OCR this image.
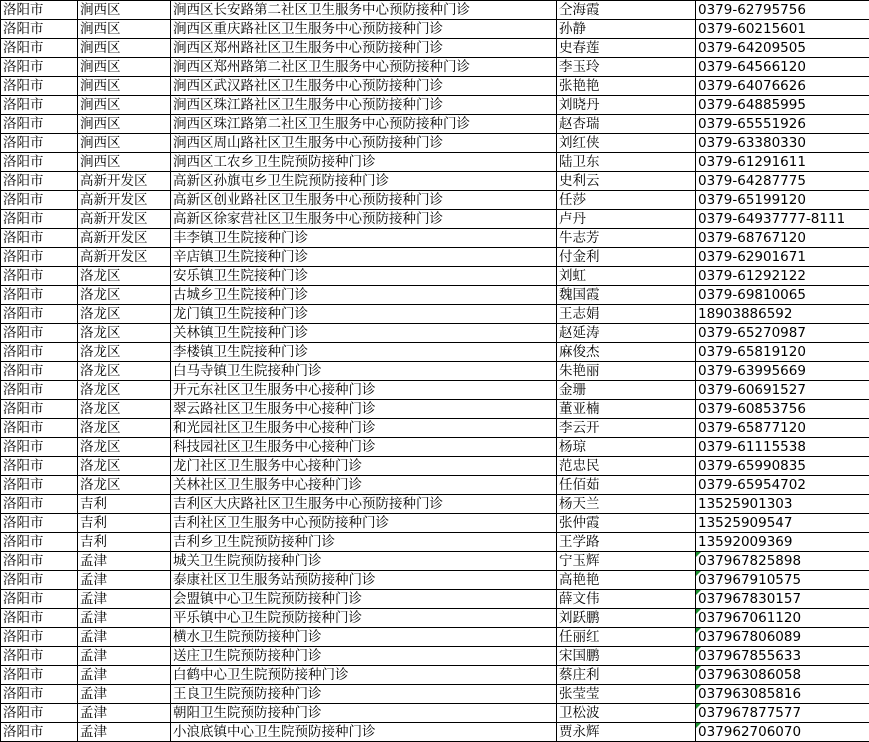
洛阳市	涧西区	涧西区长安路第二社区卫生服务中心预防接种门诊	仝海霞	0379-62795756
洛阳市	涧西区	涧西区重庆路社区卫生服务中心预防接种门诊	孙静	0379-60215601
洛阳市	涧西区	涧西区郑州路社区卫生服务中心预防接种门诊	史春莲	0379-64209505
洛阳市	涧西区	涧西区郑州路第二社区卫生服务中心预防接种门诊	李玉玲	0379-64566120
洛阳市	涧西区	涧西区武汉路社区卫生服务中心预防接种门诊	张艳艳	0379-64076626
洛阳市	涧西区	涧西区珠江路社区卫生服务中心预防接种门诊	刘晓丹	0379-64885995
洛阳市	涧西区	涧西区珠江路第二社区卫生服务中心预防接种门诊	赵杏瑞	0379-65551926
洛阳市	涧西区	涧西区周山路社区卫生服务中心预防接种门诊	刘红侠	0379-63380330
洛阳市	涧西区	涧西区工农乡卫生院预防接种门诊	陆卫东	0379-61291611
洛阳市	高新开发区	高新区孙旗屯乡卫生院预防接种门诊	史利云	0379-64287775
洛阳市	高新开发区	高新区创业路社区卫生服务中心预防接种门诊	任莎	0379-65199120
洛阳市	高新开发区	高新区徐家营社区卫生服务中心预防接种门诊	卢丹	0379-64937777-8111
洛阳市	高新开发区	丰李镇卫生院接种门诊	牛志芳	0379-68767120
洛阳市	高新开发区	辛店镇卫生院接种门诊	付金利	0379-62901671
洛阳市	洛龙区	安乐镇卫生院接种门诊	刘虹	0379-61292122
洛阳市	洛龙区	古城乡卫生院接种门诊	魏国霞	0379-69810065
洛阳市	洛龙区	龙门镇卫生院接种门诊	王志娟	18903886592
洛阳市	洛龙区	关林镇卫生院接种门诊	赵延涛	0379-65270987
洛阳市	洛龙区	李楼镇卫生院接种门诊	麻俊杰	0379-65819120
洛阳市	洛龙区	白马寺镇卫生院接种门诊	朱艳丽	0379-63995669
洛阳市	洛龙区	开元东社区卫生服务中心接种门诊	金珊	0379-60691527
洛阳市	洛龙区	翠云路社区卫生服务中心接种门诊	董亚楠	0379-60853756
洛阳市	洛龙区	和光园社区卫生服务中心接种门诊	李云开	0379-65877120
洛阳市	洛龙区	科技园社区卫生服务中心接种门诊	杨琼	0379-61115538
洛阳市	洛龙区	龙门社区卫生服务中心接种门诊	范忠民	0379-65990835
洛阳市	洛龙区	关林社区卫生服务中心接种门诊	任佰茹	0379-65954702
洛阳市	吉利	吉利区大庆路社区卫生服务中心预防接种门诊	杨天兰	13525901303
洛阳市	吉利	吉利社区卫生服务中心预防接种门诊	张仲霞	13525909547
洛阳市	吉利	吉利乡卫生院预防接种门诊	王学路	13592009369
洛阳市	孟津	城关卫生院预防接种门诊	宁玉辉	037967825898
洛阳市	孟津	泰康社区卫生服务站预防接种门诊	高艳艳	037967910575
洛阳市	孟津	会盟镇中心卫生院预防接种门诊	薛文伟	037967830157
洛阳市	孟津	平乐镇中心卫生院预防接种门诊	刘跃鹏	037967061120
洛阳市	孟津	横水卫生院预防接种门诊	任丽红	037967806089
洛阳市	孟津	送庄卫生院预防接种门诊	宋国鹏	037967855633
洛阳市	孟津	白鹤中心卫生院预防接种门诊	蔡庄利	037963086058
洛阳市	孟津	王良卫生院预防接种门诊	张莹莹	037963085816
洛阳市	孟津	朝阳卫生院预防接种门诊	卫松波	037967877577
洛阳市	孟津	小浪底镇中心卫生院预防接种门诊	贾永辉	037962706070
